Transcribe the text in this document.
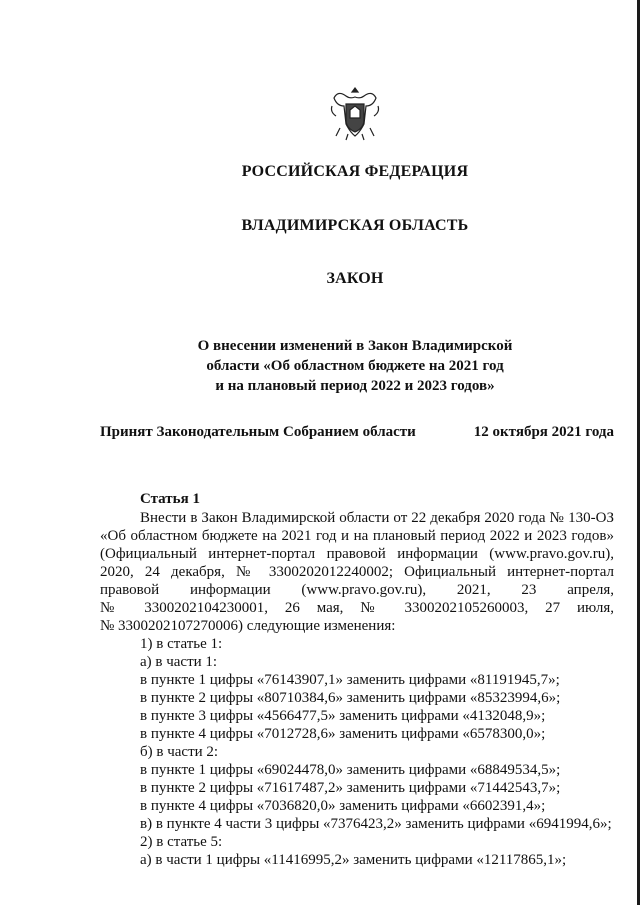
РОССИЙСКАЯ ФЕДЕРАЦИЯ
ВЛАДИМИРСКАЯ ОБЛАСТЬ
ЗАКОН
О внесении изменений в Закон Владимирской
области «Об областном бюджете на 2021 год
и на плановый период 2022 и 2023 годов»
Принят Законодательным Собранием области	12 октября 2021 года
Статья 1
Внести в Закон Владимирской области от 22 декабря 2020 года № 130-ОЗ
«Об областном бюджете на 2021 год и на плановый период 2022 и 2023 годов»
(Официальный интернет-портал правовой информации (www.pravo.gov.ru),
2020, 24 декабря, № 3300202012240002; Официальный интернет-портал
правовой информации (www.pravo.gov.ru), 2021, 23 апреля,
№ 3300202104230001, 26 мая, № 3300202105260003, 27 июля,
№ 3300202107270006) следующие изменения:
1) в статье 1:
а) в части 1:
в пункте 1 цифры «76143907,1» заменить цифрами «81191945,7»;
в пункте 2 цифры «80710384,6» заменить цифрами «85323994,6»;
в пункте 3 цифры «4566477,5» заменить цифрами «4132048,9»;
в пункте 4 цифры «7012728,6» заменить цифрами «6578300,0»;
б) в части 2:
в пункте 1 цифры «69024478,0» заменить цифрами «68849534,5»;
в пункте 2 цифры «71617487,2» заменить цифрами «71442543,7»;
в пункте 4 цифры «7036820,0» заменить цифрами «6602391,4»;
в) в пункте 4 части 3 цифры «7376423,2» заменить цифрами «6941994,6»;
2) в статье 5:
а) в части 1 цифры «11416995,2» заменить цифрами «12117865,1»;
